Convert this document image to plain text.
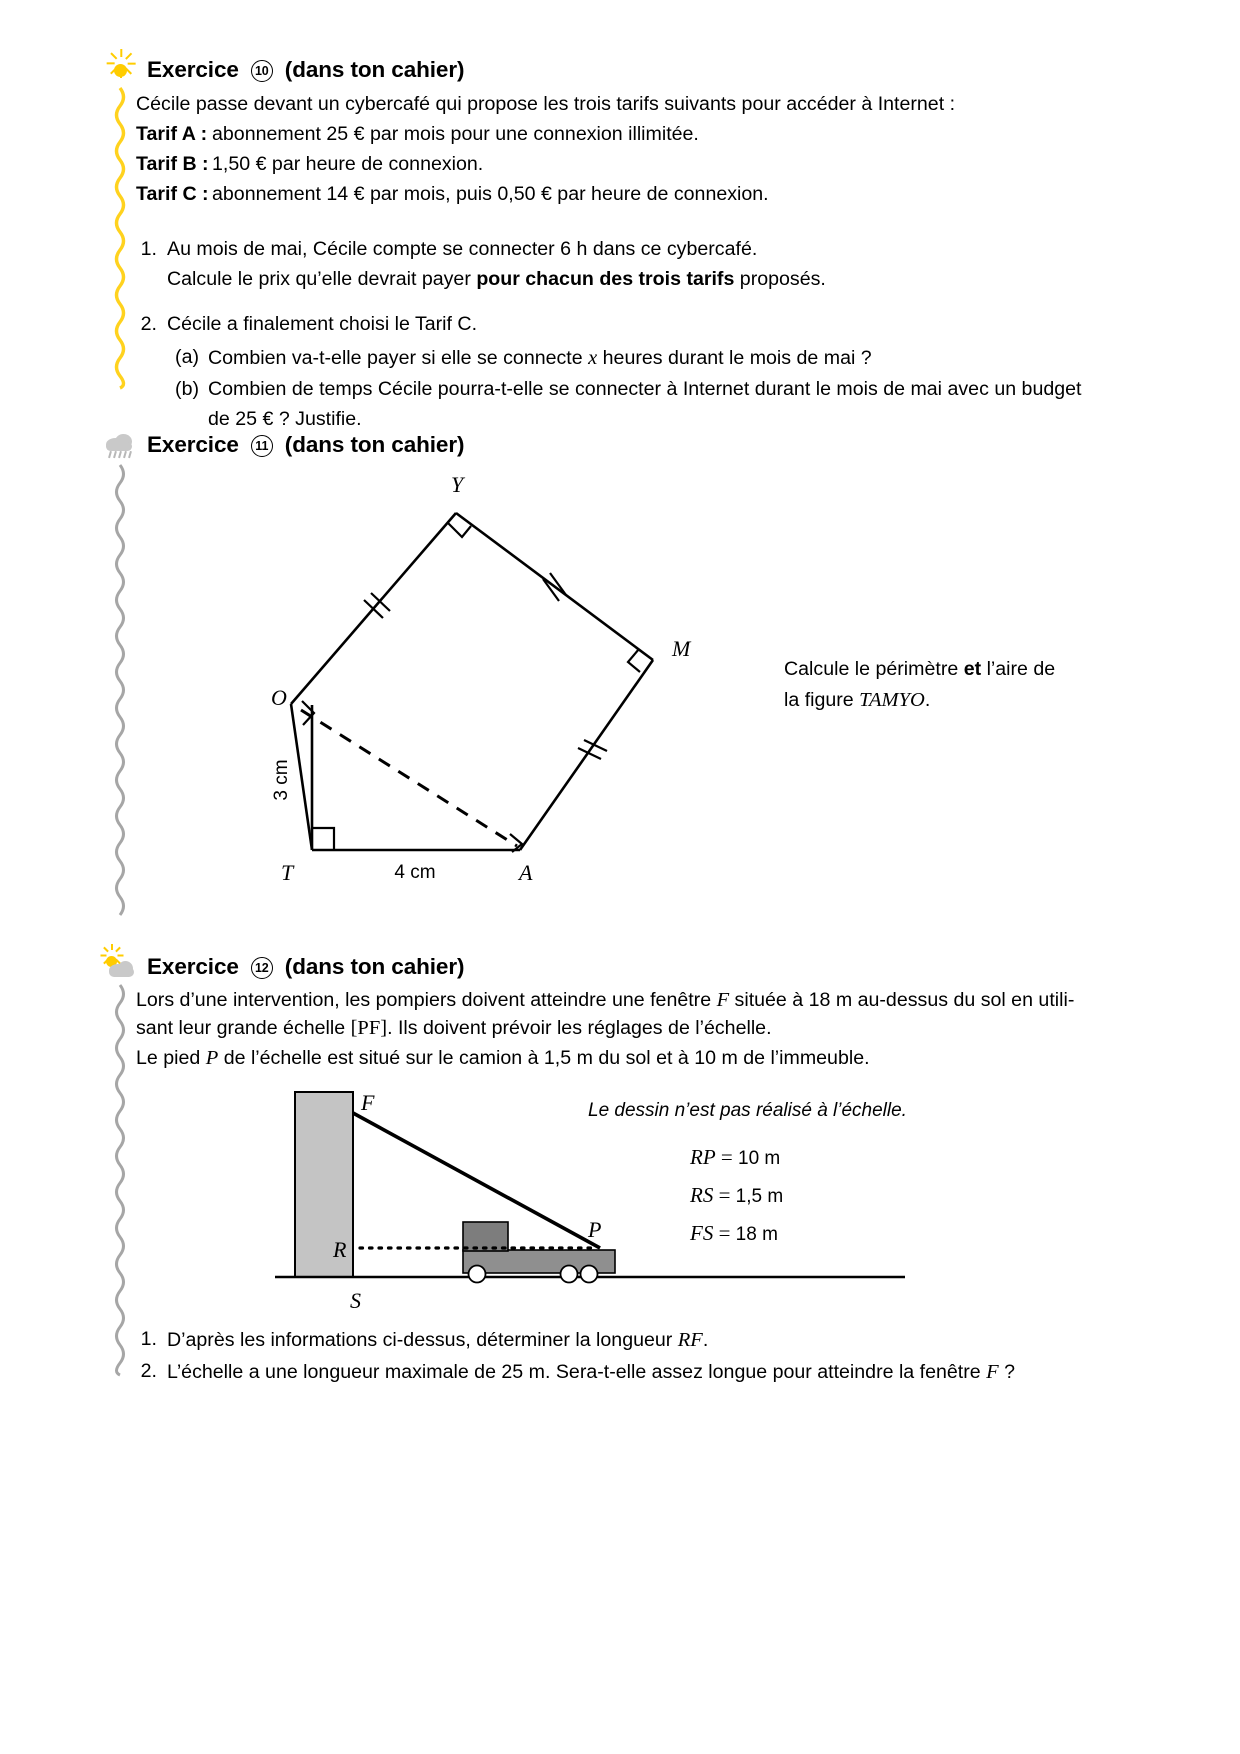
Exercice	10 (dans ton cahier)
Cécile passe devant un cybercafé qui propose les trois tarifs suivants pour accéder à Internet :
Tarif A : abonnement 25 € par mois pour une connexion illimitée.
Tarif B : 1,50 € par heure de connexion.
Tarif C : abonnement 14 € par mois, puis 0,50 € par heure de connexion.
1. Au mois de mai, Cécile compte se connecter 6 h dans ce cybercafé.
Calcule le prix qu’elle devrait payer pour chacun des trois tarifs proposés.
2. Cécile a finalement choisi le Tarif C.
(a) Combien va-t-elle payer si elle se connecte x heures durant le mois de mai ?
(b) Combien de temps Cécile pourra-t-elle se connecter à Internet durant le mois de mai avec un budget
de 25 € ? Justifie.
Exercice	11 (dans ton cahier)
Y
M
A
T
O
3 cm
4 cm
Calcule le périmètre et l’aire de la figure TAMYO.
Exercice	12 (dans ton cahier)
Lors d’une intervention, les pompiers doivent atteindre une fenêtre F située à 18 m au-dessus du sol en utili-
sant leur grande échelle [PF]. Ils doivent prévoir les réglages de l’échelle.
Le pied P de l’échelle est situé sur le camion à 1,5 m du sol et à 10 m de l’immeuble.
F
R
S
P
Le dessin n’est pas réalisé à l’échelle.
RP = 10 m
RS = 1,5 m
FS = 18 m
1. D’après les informations ci-dessus, déterminer la longueur RF.
2. L’échelle a une longueur maximale de 25 m. Sera-t-elle assez longue pour atteindre la fenêtre F ?
